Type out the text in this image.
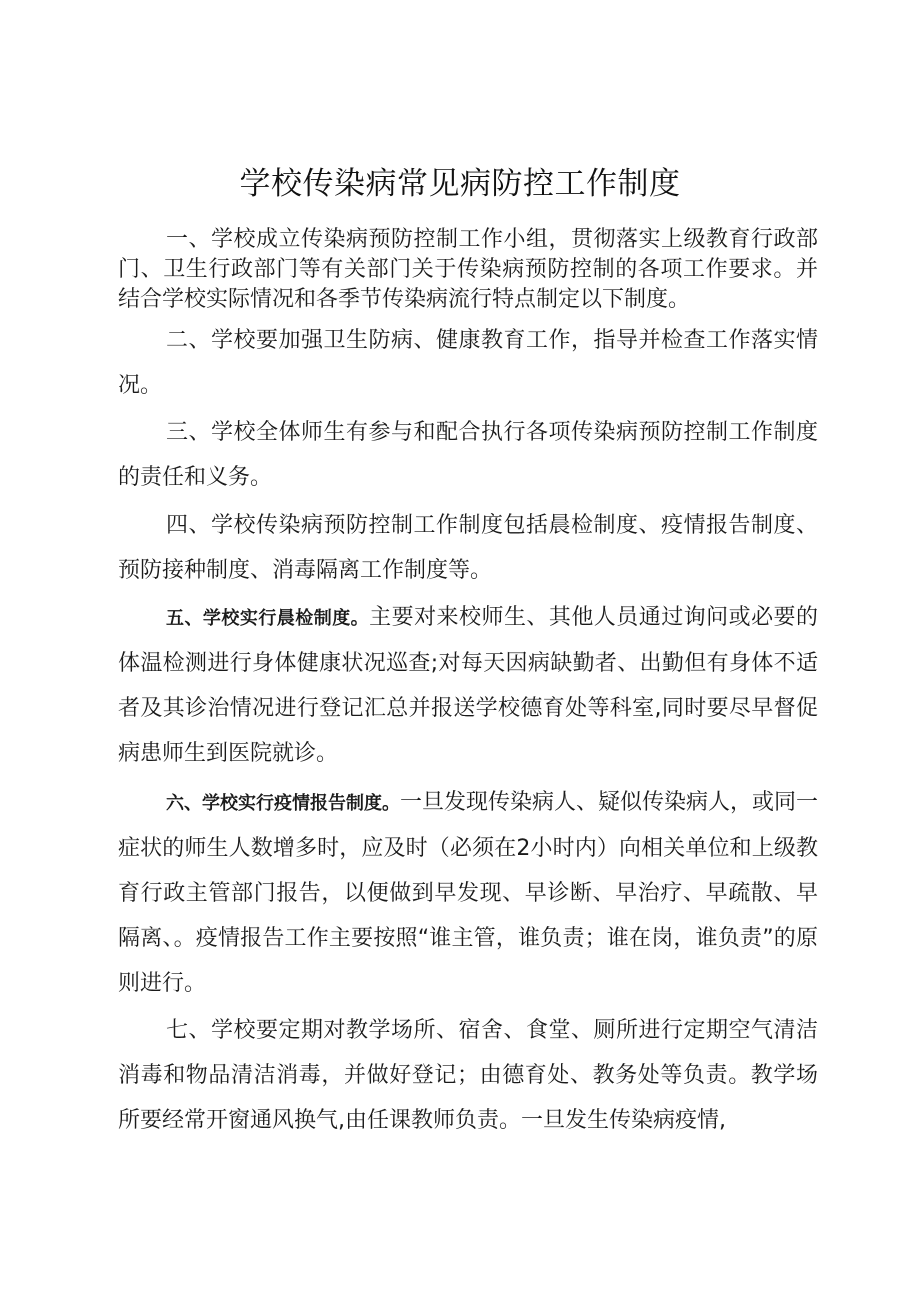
学校传染病常见病防控工作制度

一、学校成立传染病预防控制工作小组，贯彻落实上级教育行政部门、卫生行政部门等有关部门关于传染病预防控制的各项工作要求。并结合学校实际情况和各季节传染病流行特点制定以下制度。

二、学校要加强卫生防病、健康教育工作，指导并检查工作落实情况。

三、学校全体师生有参与和配合执行各项传染病预防控制工作制度的责任和义务。

四、学校传染病预防控制工作制度包括晨检制度、疫情报告制度、预防接种制度、消毒隔离工作制度等。

五、学校实行晨检制度。主要对来校师生、其他人员通过询问或必要的体温检测进行身体健康状况巡查;对每天因病缺勤者、出勤但有身体不适者及其诊治情况进行登记汇总并报送学校德育处等科室,同时要尽早督促病患师生到医院就诊。

六、学校实行疫情报告制度。一旦发现传染病人、疑似传染病人，或同一症状的师生人数增多时，应及时（必须在2小时内）向相关单位和上级教育行政主管部门报告，以便做到早发现、早诊断、早治疗、早疏散、早隔离、。疫情报告工作主要按照“谁主管，谁负责；谁在岗，谁负责”的原则进行。

七、学校要定期对教学场所、宿舍、食堂、厕所进行定期空气清洁消毒和物品清洁消毒，并做好登记；由德育处、教务处等负责。教学场所要经常开窗通风换气,由任课教师负责。一旦发生传染病疫情,
